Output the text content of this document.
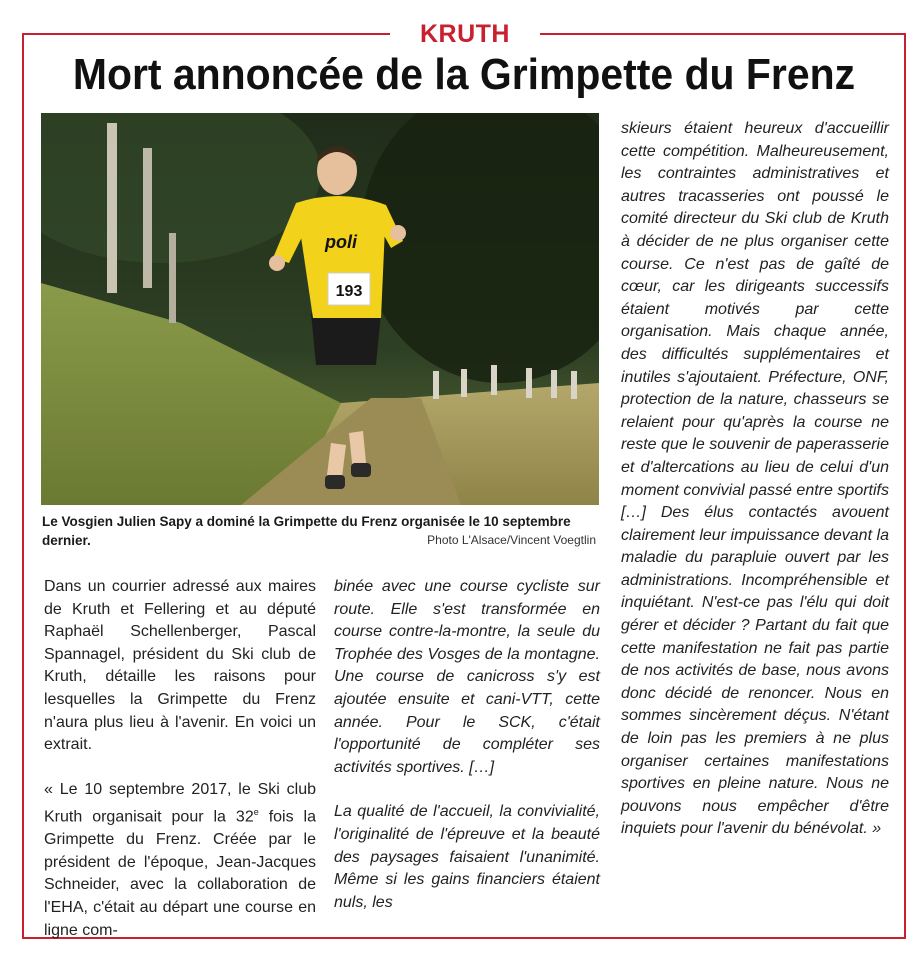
KRUTH
Mort annoncée de la Grimpette du Frenz
193
poli
Le Vosgien Julien Sapy a dominé la Grimpette du Frenz organisée le 10 septembre dernier.	Photo L'Alsace/Vincent Voegtlin

Dans un courrier adressé aux maires de Kruth et Fellering et au député Raphaël Schellenberger, Pascal Spannagel, président du Ski club de Kruth, détaille les raisons pour lesquelles la Grimpette du Frenz n'aura plus lieu à l'avenir. En voici un extrait.

« Le 10 septembre 2017, le Ski club Kruth organisait pour la 32e fois la Grimpette du Frenz. Créée par le président de l'époque, Jean-Jacques Schneider, avec la collaboration de l'EHA, c'était au départ une course en ligne com-

binée avec une course cycliste sur route. Elle s'est transformée en course contre-la-montre, la seule du Trophée des Vosges de la montagne. Une course de canicross s'y est ajoutée ensuite et cani-VTT, cette année. Pour le SCK, c'était l'opportunité de compléter ses activités sportives. […]

La qualité de l'accueil, la convivialité, l'originalité de l'épreuve et la beauté des paysages faisaient l'unanimité. Même si les gains financiers étaient nuls, les

skieurs étaient heureux d'accueillir cette compétition. Malheureusement, les contraintes administratives et autres tracasseries ont poussé le comité directeur du Ski club de Kruth à décider de ne plus organiser cette course. Ce n'est pas de gaîté de cœur, car les dirigeants successifs étaient motivés par cette organisation. Mais chaque année, des difficultés supplémentaires et inutiles s'ajoutaient. Préfecture, ONF, protection de la nature, chasseurs se relaient pour qu'après la course ne reste que le souvenir de paperasserie et d'altercations au lieu de celui d'un moment convivial passé entre sportifs […] Des élus contactés avouent clairement leur impuissance devant la maladie du parapluie ouvert par les administrations. Incompréhensible et inquiétant. N'est-ce pas l'élu qui doit gérer et décider ? Partant du fait que cette manifestation ne fait pas partie de nos activités de base, nous avons donc décidé de renoncer. Nous en sommes sincèrement déçus. N'étant de loin pas les premiers à ne plus organiser certaines manifestations sportives en pleine nature. Nous ne pouvons nous empêcher d'être inquiets pour l'avenir du bénévolat. »
